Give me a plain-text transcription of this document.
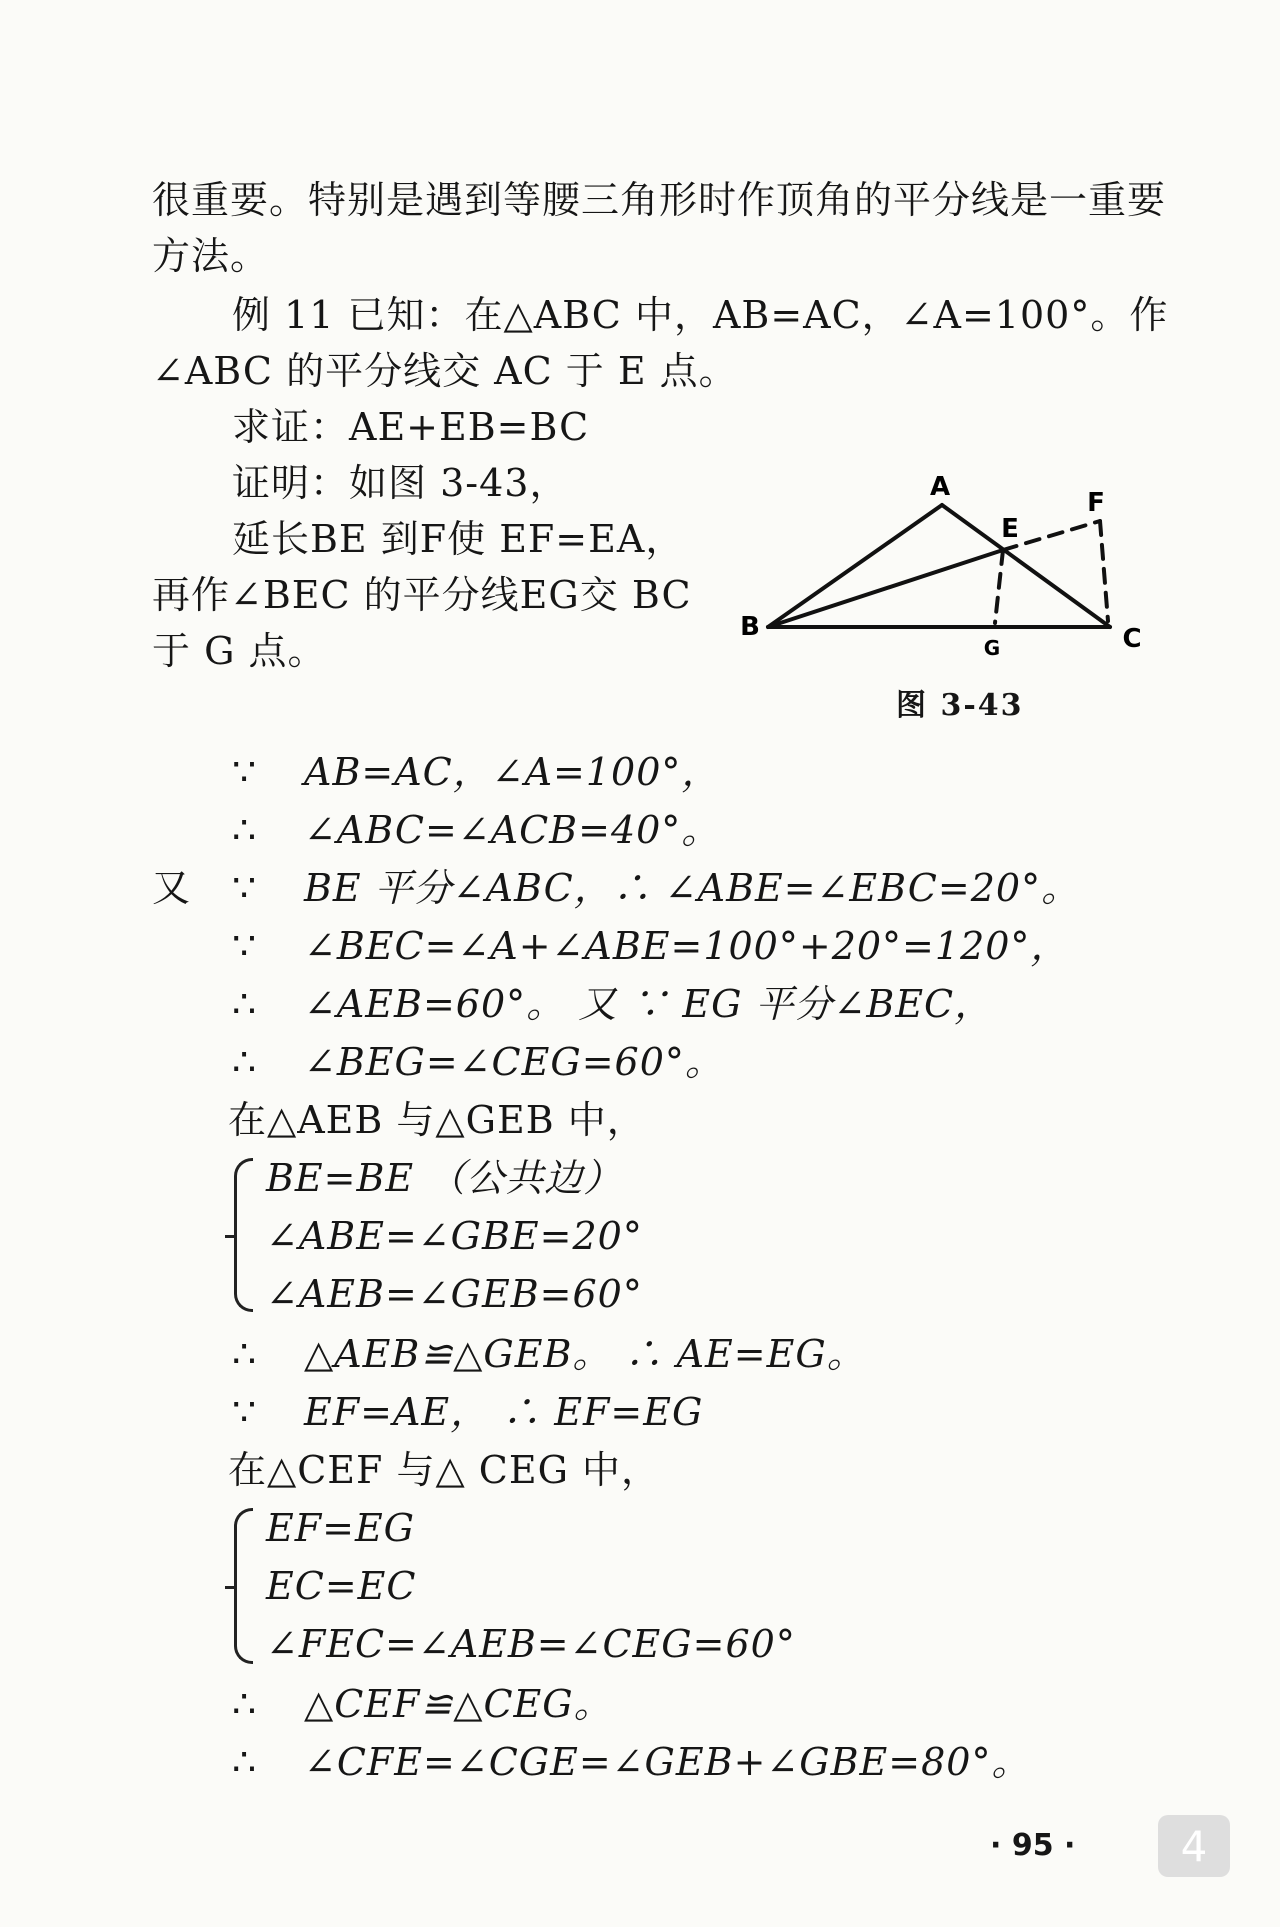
很重要。特别是遇到等腰三角形时作顶角的平分线是一重要
方法。
例 11 已知：在△ABC 中，AB=AC，∠A=100°。作
∠ABC 的平分线交 AC 于 E 点。
求证：AE+EB=BC
证明：如图 3-43，
延长BE 到F使 EF=EA，
再作∠BEC 的平分线EG交 BC
于 G 点。
A
B	C
E
F
G
图 3-43
∵ AB=AC，∠A=100°，
∴ ∠ABC=∠ACB=40°。
又 ∵ BE 平分∠ABC，∴ ∠ABE=∠EBC=20°。
∵ ∠BEC=∠A+∠ABE=100°+20°=120°，
∴ ∠AEB=60°。 又 ∵ EG 平分∠BEC，
∴ ∠BEG=∠CEG=60°。
在△AEB 与△GEB 中，
BE=BE （公共边）
∠ABE=∠GBE=20°
∠AEB=∠GEB=60°
∴ △AEB≌△GEB。 ∴ AE=EG。
∵ EF=AE， ∴ EF=EG
在△CEF 与△ CEG 中，
EF=EG
EC=EC
∠FEC=∠AEB=∠CEG=60°
∴ △CEF≌△CEG。
∴ ∠CFE=∠CGE=∠GEB+∠GBE=80°。
· 95 ·	4
